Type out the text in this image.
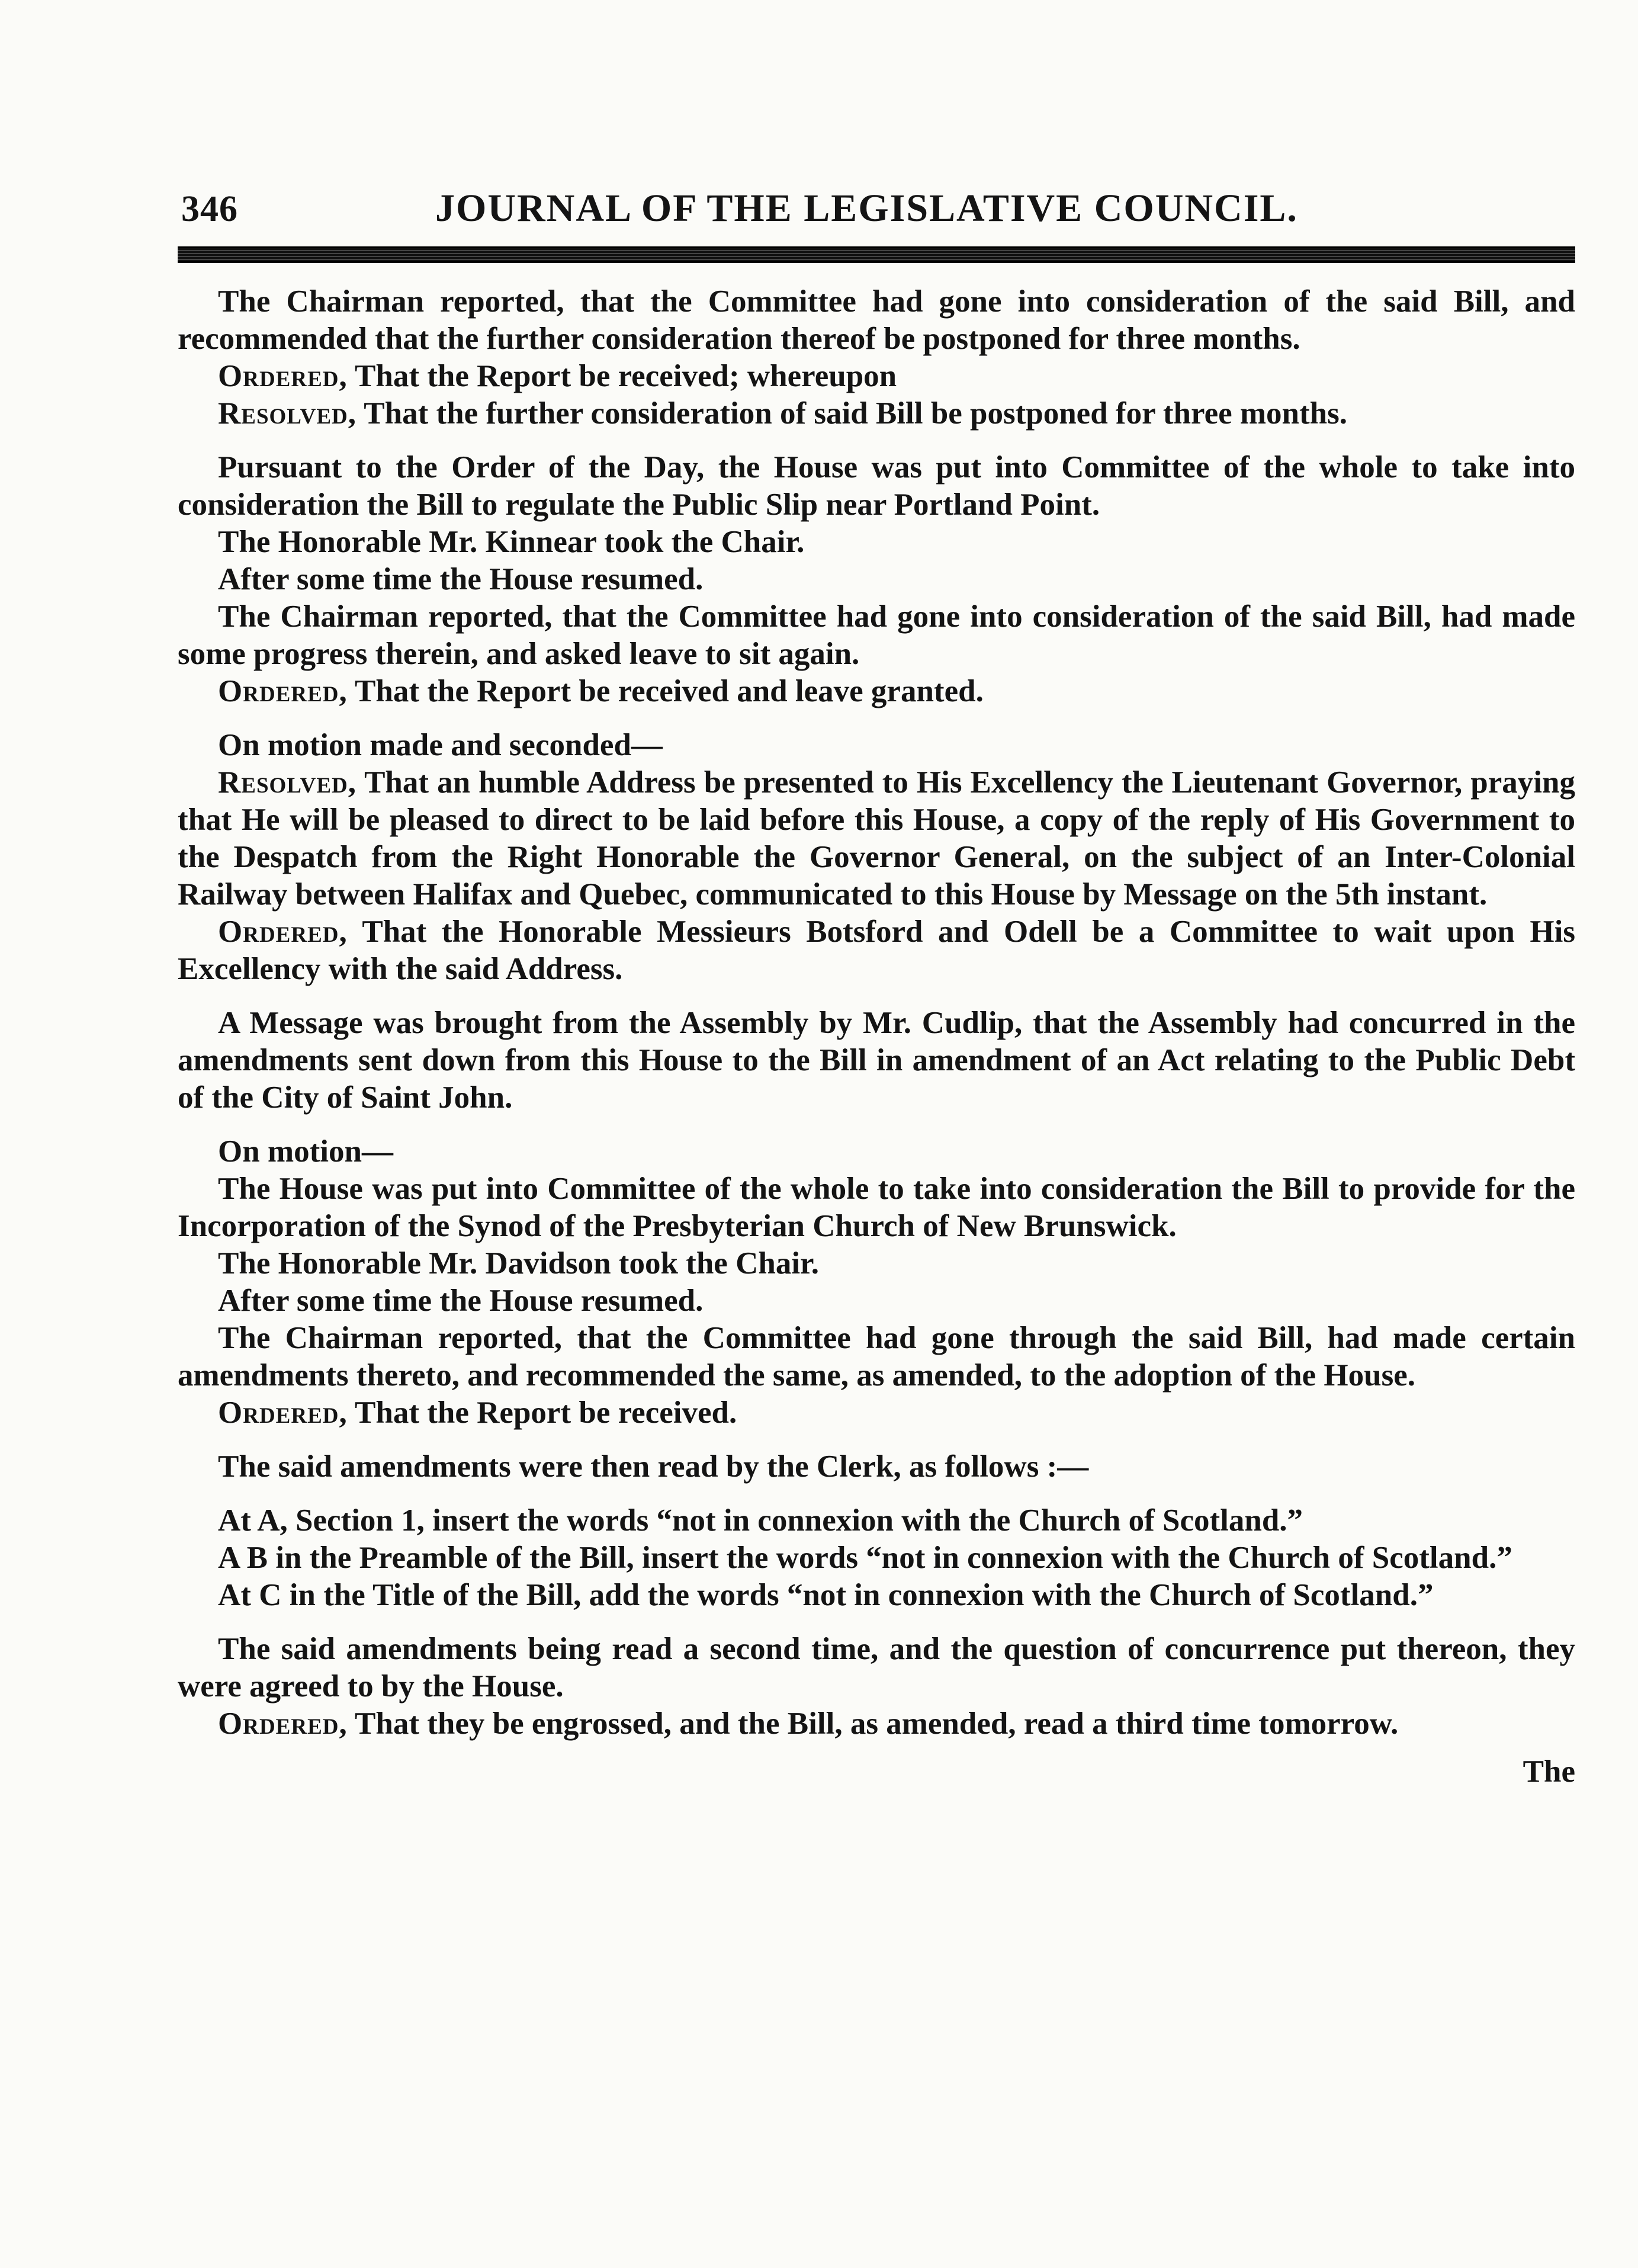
346	JOURNAL OF THE LEGISLATIVE COUNCIL.

The Chairman reported, that the Committee had gone into consideration of the said Bill, and recommended that the further consideration thereof be postponed for three months.

Ordered, That the Report be received; whereupon

Resolved, That the further consideration of said Bill be postponed for three months.

Pursuant to the Order of the Day, the House was put into Committee of the whole to take into consideration the Bill to regulate the Public Slip near Portland Point.

The Honorable Mr. Kinnear took the Chair.

After some time the House resumed.

The Chairman reported, that the Committee had gone into consideration of the said Bill, had made some progress therein, and asked leave to sit again.

Ordered, That the Report be received and leave granted.

On motion made and seconded—

Resolved, That an humble Address be presented to His Excellency the Lieutenant Governor, praying that He will be pleased to direct to be laid before this House, a copy of the reply of His Government to the Despatch from the Right Honorable the Governor General, on the subject of an Inter-Colonial Railway between Halifax and Quebec, communicated to this House by Message on the 5th instant.

Ordered, That the Honorable Messieurs Botsford and Odell be a Committee to wait upon His Excellency with the said Address.

A Message was brought from the Assembly by Mr. Cudlip, that the Assembly had concurred in the amendments sent down from this House to the Bill in amendment of an Act relating to the Public Debt of the City of Saint John.

On motion—

The House was put into Committee of the whole to take into consideration the Bill to provide for the Incorporation of the Synod of the Presbyterian Church of New Brunswick.

The Honorable Mr. Davidson took the Chair.

After some time the House resumed.

The Chairman reported, that the Committee had gone through the said Bill, had made certain amendments thereto, and recommended the same, as amended, to the adoption of the House.

Ordered, That the Report be received.

The said amendments were then read by the Clerk, as follows :—

At A, Section 1, insert the words “not in connexion with the Church of Scotland.”

A B in the Preamble of the Bill, insert the words “not in connexion with the Church of Scotland.”

At C in the Title of the Bill, add the words “not in connexion with the Church of Scotland.”

The said amendments being read a second time, and the question of concurrence put thereon, they were agreed to by the House.

Ordered, That they be engrossed, and the Bill, as amended, read a third time tomorrow.

The
